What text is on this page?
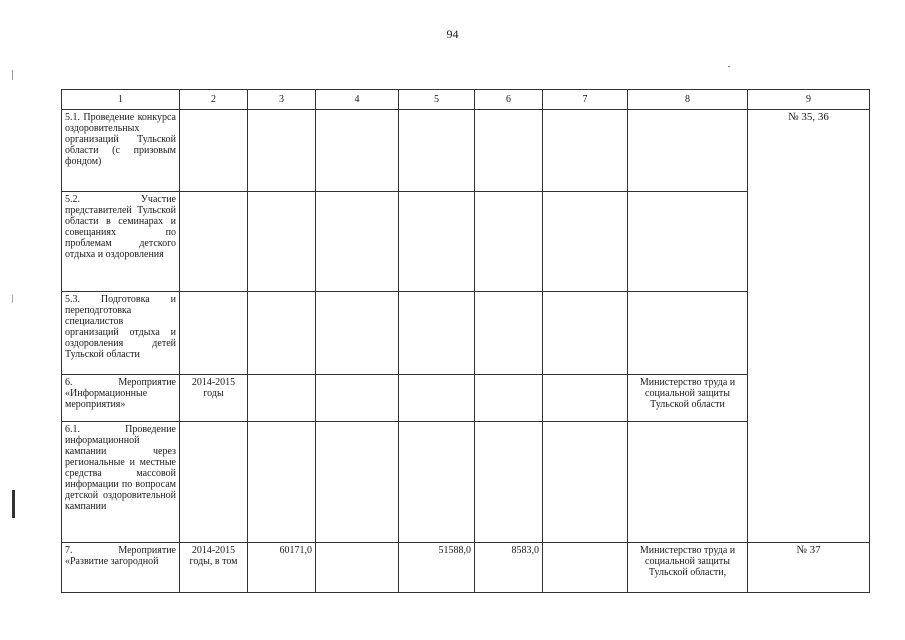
94
1	2	3	4	5	6	7	8	9
5.1. Проведение конкурса оздоровительных организаций Тульской области (с призовым фондом)								№ 35, 36
5.2. Участие представителей Тульской области в семинарах и совещаниях по проблемам детского отдыха и оздоровления								
5.3. Подготовка и переподготовка специалистов организаций отдыха и оздоровления детей Тульской области								
6. Мероприятие «Информационные мероприятия»	2014-2015 годы						Министерство труда и социальной защиты Тульской области	
6.1. Проведение информационной кампании через региональные и местные средства массовой информации по вопросам детской оздоровительной кампании								
7. Мероприятие «Развитие загородной	2014-2015 годы, в том	60171,0		51588,0	8583,0		Министерство труда и социальной защиты Тульской области,	№ 37
